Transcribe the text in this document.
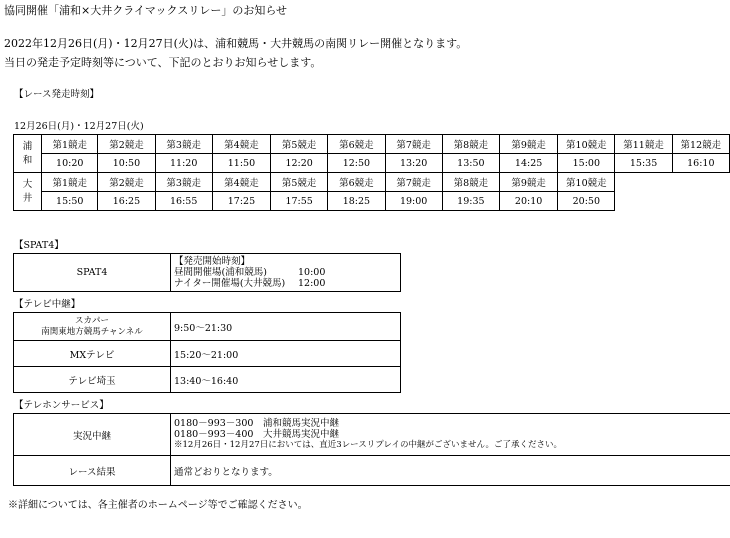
協同開催「浦和×大井クライマックスリレー」のお知らせ
2022年12月26日(月)・12月27日(火)は、浦和競馬・大井競馬の南関リレー開催となります。
当日の発走予定時刻等について、下記のとおりお知らせします。
【レース発走時刻】
12月26日(月)・12月27日(火)
浦
和	第1競走	第2競走	第3競走	第4競走	第5競走	第6競走	第7競走	第8競走	第9競走	第10競走	第11競走	第12競走
	10:20	10:50	11:20	11:50	12:20	12:50	13:20	13:50	14:25	15:00	15:35	16:10
大
井	第1競走	第2競走	第3競走	第4競走	第5競走	第6競走	第7競走	第8競走	第9競走	第10競走		
	15:50	16:25	16:55	17:25	17:55	18:25	19:00	19:35	20:10	20:50		
【SPAT4】
SPAT4	
【発売開始時刻】
昼間開催場(浦和競馬)	10:00
ナイター開催場(大井競馬)	12:00
【テレビ中継】
スカパー
南関東地方競馬チャンネル	9:50～21:30
MXテレビ	15:20～21:00
テレビ埼玉	13:40～16:40
【テレホンサービス】
実況中継	0180－993－300　浦和競馬実況中継
0180－993－400　大井競馬実況中継
※12月26日・12月27日においては、直近3レースリプレイの中継がございません。ご了承ください。

レース結果	通常どおりとなります。
※詳細については、各主催者のホームページ等でご確認ください。
